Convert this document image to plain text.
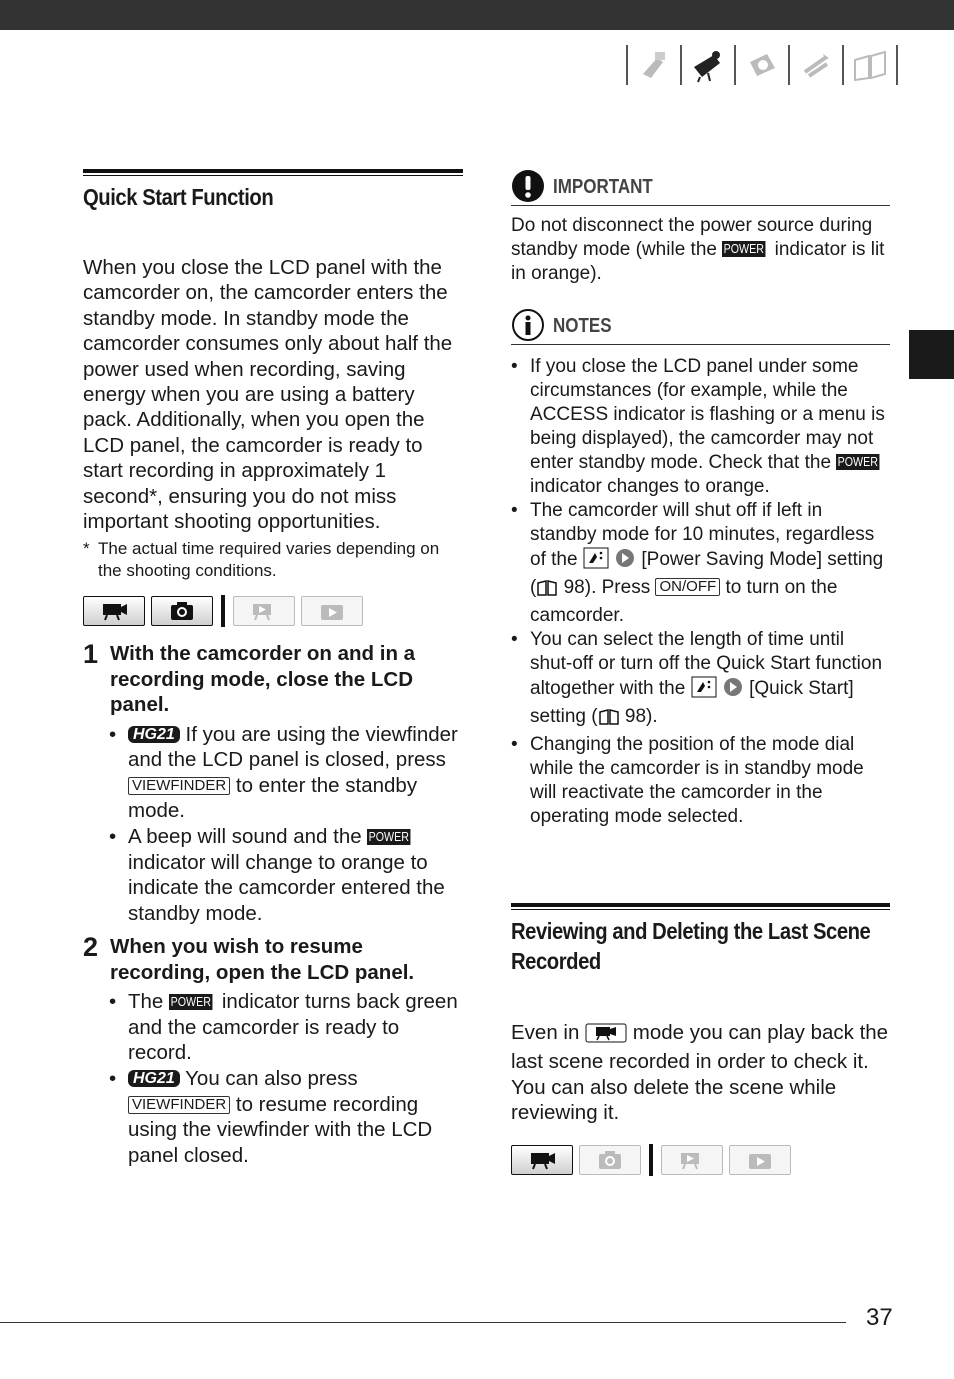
Quick Start Function

When you close the LCD panel with the camcorder on, the camcorder enters the standby mode. In standby mode the camcorder consumes only about half the power used when recording, saving energy when you are using a battery pack. Additionally, when you open the LCD panel, the camcorder is ready to start recording in approximately 1 second*, ensuring you do not miss important shooting opportunities.

* The actual time required varies depending on the shooting conditions.
1 With the camcorder on and in a recording mode, close the LCD panel.
• HG21 If you are using the viewfinder and the LCD panel is closed, press VIEWFINDER to enter the standby mode.
• A beep will sound and the POWER indicator will change to orange to indicate the camcorder entered the standby mode.
2 When you wish to resume recording, open the LCD panel.
• The POWER indicator turns back green and the camcorder is ready to record.
• HG21 You can also press VIEWFINDER to resume recording using the viewfinder with the LCD panel closed.
IMPORTANT

Do not disconnect the power source during standby mode (while the POWER indicator is lit in orange).

NOTES
• If you close the LCD panel under some circumstances (for example, while the ACCESS indicator is flashing or a menu is being displayed), the camcorder may not enter standby mode. Check that the POWER indicator changes to orange.
• The camcorder will shut off if left in standby mode for 10 minutes, regardless of the	[Power Saving Mode] setting ( 98). Press ON/OFF to turn on the camcorder.
• You can select the length of time until shut-off or turn off the Quick Start function altogether with the	[Quick Start] setting ( 98).
• Changing the position of the mode dial while the camcorder is in standby mode will reactivate the camcorder in the operating mode selected.
Reviewing and Deleting the Last Scene Recorded

Even in	mode you can play back the last scene recorded in order to check it. You can also delete the scene while reviewing it.

37
